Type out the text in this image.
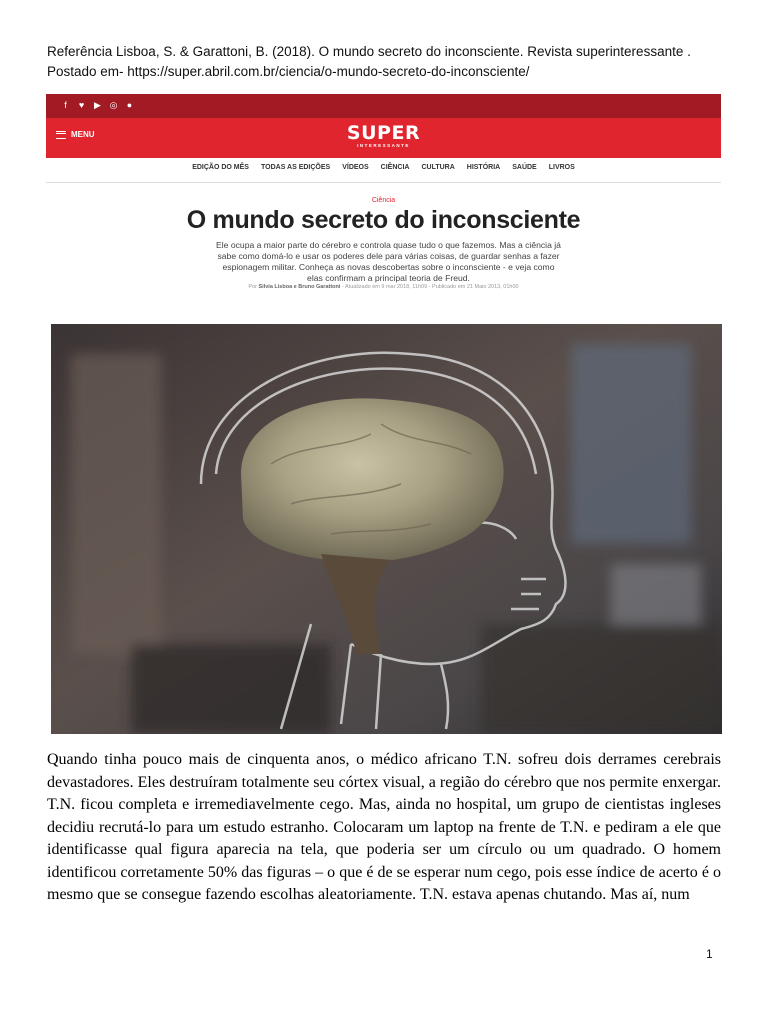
Referência Lisboa, S. & Garattoni, B. (2018). O mundo secreto do inconsciente. Revista superinteressante . Postado em- https://super.abril.com.br/ciencia/o-mundo-secreto-do-inconsciente/
f	♥	▶ ◎	●
MENU	SUPER
INTERESSANTE
EDIÇÃO DO MÊS TODAS AS EDIÇÕES VÍDEOS CIÊNCIA CULTURA HISTÓRIA SAÚDE LIVROS
Ciência
O mundo secreto do inconsciente
Ele ocupa a maior parte do cérebro e controla quase tudo o que fazemos. Mas a ciência já sabe como domá-lo e usar os poderes dele para várias coisas, de guardar senhas a fazer espionagem militar. Conheça as novas descobertas sobre o inconsciente - e veja como elas confirmam a principal teoria de Freud.
Por Sílvia Lisboa e Bruno Garattoni - Atualizado em 9 mar 2018, 11h09 - Publicado em 21 Maio 2013, 01h00
Quando tinha pouco mais de cinquenta anos, o médico africano T.N. sofreu dois derrames cerebrais devastadores. Eles destruíram totalmente seu córtex visual, a região do cérebro que nos permite enxergar. T.N. ficou completa e irremediavelmente cego. Mas, ainda no hospital, um grupo de cientistas ingleses decidiu recrutá-lo para um estudo estranho. Colocaram um laptop na frente de T.N. e pediram a ele que identificasse qual figura aparecia na tela, que poderia ser um círculo ou um quadrado. O homem identificou corretamente 50% das figuras – o que é de se esperar num cego, pois esse índice de acerto é o mesmo que se consegue fazendo escolhas aleatoriamente. T.N. estava apenas chutando. Mas aí, num
1
